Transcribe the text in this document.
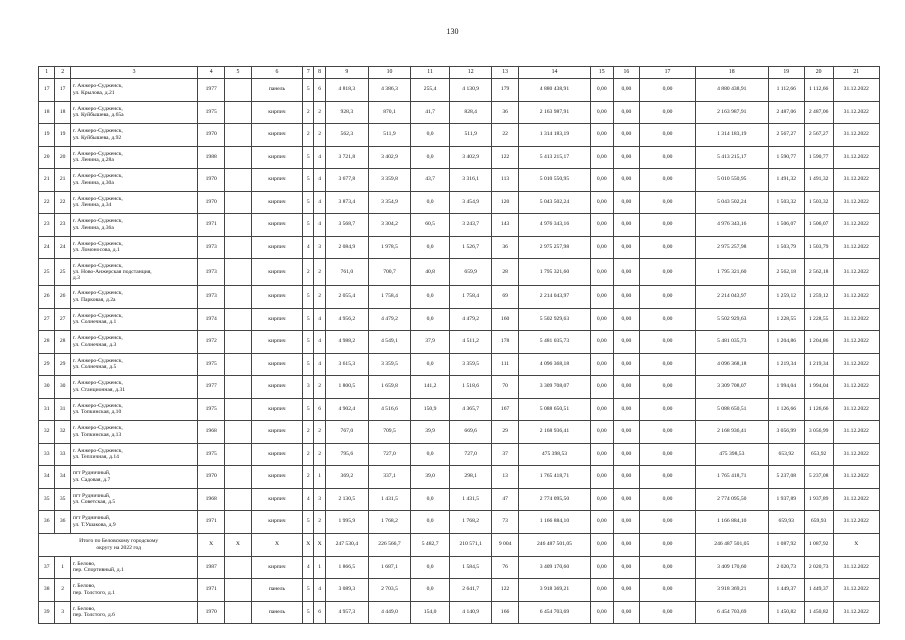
130
1	2	3	4	5	6	7	8	9	10	11	12	13	14	15	16	17	18	19	20	21
17	17	г. Анжеро-Судженск,
ул. Крылова, д.21	1977		панель	5	6	4 818,3	4 386,3	255,4	4 130,9	179	4 880 438,91	0,00	0,00	0,00	4 880 438,91	1 112,66	1 112,66	31.12.2022
18	18	г. Анжеро-Судженск,
ул. Куйбышева, д.65а	1975		кирпич	2	2	928,3	870,1	41,7	828,4	36	2 163 987,91	0,00	0,00	0,00	2 163 987,91	2 487,06	2 487,06	31.12.2022
19	19	г. Анжеро-Судженск,
ул. Куйбышева, д.92	1970		кирпич	2	2	562,3	511,9	0,0	511,9	22	1 314 183,19	0,00	0,00	0,00	1 314 183,19	2 567,27	2 567,27	31.12.2022
20	20	г. Анжеро-Судженск,
ул. Ленина, д.28а	1988		кирпич	5	4	3 721,8	3 402,9	0,0	3 402,9	122	5 413 215,17	0,00	0,00	0,00	5 413 215,17	1 590,77	1 590,77	31.12.2022
21	21	г. Анжеро-Судженск,
ул. Ленина, д.30а	1970		кирпич	5	4	3 677,8	3 359,8	43,7	3 316,1	113	5 010 550,95	0,00	0,00	0,00	5 010 550,95	1 491,32	1 491,32	31.12.2022
22	22	г. Анжеро-Судженск,
ул. Ленина, д.34	1970		кирпич	5	4	3 873,4	3 354,9	0,0	3 454,9	120	5 043 502,24	0,00	0,00	0,00	5 043 502,24	1 503,32	1 503,32	31.12.2022
23	23	г. Анжеро-Судженск,
ул. Ленина, д.36а	1971		кирпич	5	4	3 568,7	3 304,2	60,5	3 243,7	143	4 976 343,16	0,00	0,00	0,00	4 976 343,16	1 506,07	1 506,07	31.12.2022
24	24	г. Анжеро-Судженск,
ул. Ломоносова, д.1	1973		кирпич	4	3	2 084,9	1 978,5	0,0	1 526,7	36	2 975 257,98	0,00	0,00	0,00	2 975 257,98	1 503,79	1 503,79	31.12.2022
25	25	г. Анжеро-Судженск,
ул. Ново-Анжерская подстанция,
д.3	1973		кирпич	2	2	761,0	700,7	40,8	659,9	28	1 795 321,60	0,00	0,00	0,00	1 795 321,60	2 562,18	2 562,18	31.12.2022
26	26	г. Анжеро-Судженск,
ул. Парковая, д.2а	1973		кирпич	5	2	2 055,4	1 758,4	0,0	1 758,4	69	2 214 043,97	0,00	0,00	0,00	2 214 043,97	1 259,12	1 259,12	31.12.2022
27	27	г. Анжеро-Судженск,
ул. Солнечная, д.1	1974		кирпич	5	4	4 956,2	4 479,2	0,0	4 479,2	160	5 502 929,63	0,00	0,00	0,00	5 502 929,63	1 228,55	1 228,55	31.12.2022
28	28	г. Анжеро-Судженск,
ул. Солнечная, д.3	1972		кирпич	5	4	4 988,2	4 549,1	37,9	4 511,2	178	5 481 035,73	0,00	0,00	0,00	5 481 035,73	1 204,86	1 204,86	31.12.2022
29	29	г. Анжеро-Судженск,
ул. Солнечная, д.5	1975		кирпич	5	4	3 615,3	3 359,5	0,0	3 359,5	111	4 096 368,18	0,00	0,00	0,00	4 096 368,18	1 219,34	1 219,34	31.12.2022
30	30	г. Анжеро-Судженск,
ул. Станционная, д.31	1977		кирпич	3	2	1 800,5	1 659,8	141,2	1 518,6	70	3 309 708,07	0,00	0,00	0,00	3 309 708,07	1 994,04	1 994,04	31.12.2022
31	31	г. Анжеро-Судженск,
ул. Топкинская, д.10	1975		кирпич	5	6	4 902,4	4 516,6	150,9	4 365,7	167	5 088 650,51	0,00	0,00	0,00	5 088 650,51	1 126,66	1 126,66	31.12.2022
32	32	г. Анжеро-Судженск,
ул. Топкинская, д.13	1968		кирпич	2	2	767,0	709,5	39,9	669,6	29	2 168 936,41	0,00	0,00	0,00	2 168 936,41	3 056,99	3 056,99	31.12.2022
33	33	г. Анжеро-Судженск,
ул. Тепличная, д.14	1975		кирпич	2	2	795,6	727,0	0,0	727,0	37	475 398,53	0,00	0,00	0,00	475 398,53	653,92	653,92	31.12.2022
34	34	пгт Рудничный,
ул. Садовая, д.7	1970		кирпич	2	1	369,2	337,1	39,0	298,1	13	1 765 418,71	0,00	0,00	0,00	1 765 418,71	5 237,08	5 237,08	31.12.2022
35	35	пгт Рудничный,
ул. Советская, д.5	1968		кирпич	4	3	2 130,5	1 431,5	0,0	1 431,5	47	2 774 095,50	0,00	0,00	0,00	2 774 095,50	1 937,89	1 937,89	31.12.2022
36	36	пгт Рудничный,
ул. Т.Ушакова, д.9	1971		кирпич	5	2	1 995,9	1 768,2	0,0	1 768,2	73	1 166 884,10	0,00	0,00	0,00	1 166 884,10	659,93	659,93	31.12.2022
Итого по Беловскому городскому
округу на 2022 год			X	X	X	X	X	247 530,4	226 566,7	5 482,7	210 571,1	9 004	246 487 501,05	0,00	0,00	0,00	246 487 501,05	1 087,92	1 087,92	X
37	1	г. Белово,
пер. Спортивный, д.1	1987		кирпич	4	1	1 866,5	1 687,1	0,0	1 584,5	76	3 409 170,60	0,00	0,00	0,00	3 409 170,60	2 020,73	2 020,73	31.12.2022
38	2	г. Белово,
пер. Толстого, д.1	1971		панель	5	4	3 089,3	2 703,5	0,0	2 641,7	122	3 918 369,21	0,00	0,00	0,00	3 918 369,21	1 449,37	1 449,37	31.12.2022
39	3	г. Белово,
пер. Толстого, д.6	1970		панель	5	6	4 957,3	4 449,0	154,0	4 140,9	166	6 454 703,69	0,00	0,00	0,00	6 454 703,69	1 450,82	1 450,82	31.12.2022
